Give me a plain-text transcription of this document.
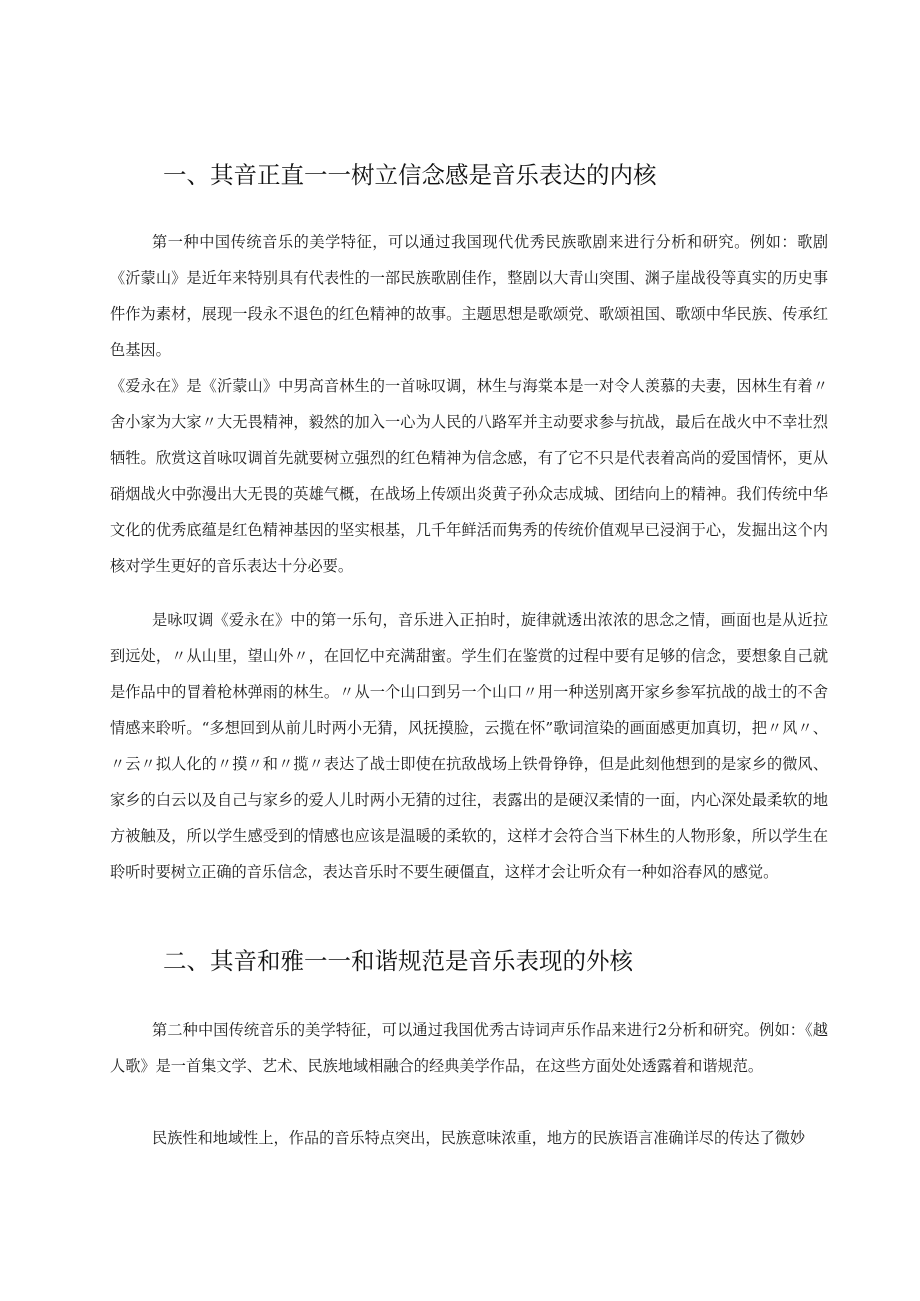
一、其音正直一一树立信念感是音乐表达的内核

第一种中国传统音乐的美学特征，可以通过我国现代优秀民族歌剧来进行分析和研究。例如：歌剧《沂蒙山》是近年来特别具有代表性的一部民族歌剧佳作，整剧以大青山突围、渊子崖战役等真实的历史事件作为素材，展现一段永不退色的红色精神的故事。主题思想是歌颂党、歌颂祖国、歌颂中华民族、传承红色基因。

《爱永在》是《沂蒙山》中男高音林生的一首咏叹调，林生与海棠本是一对令人羡慕的夫妻，因林生有着〃舍小家为大家〃大无畏精神，毅然的加入一心为人民的八路军并主动要求参与抗战，最后在战火中不幸壮烈牺牲。欣赏这首咏叹调首先就要树立强烈的红色精神为信念感，有了它不只是代表着高尚的爱国情怀，更从硝烟战火中弥漫出大无畏的英雄气概，在战场上传颂出炎黄子孙众志成城、团结向上的精神。我们传统中华文化的优秀底蕴是红色精神基因的坚实根基，几千年鲜活而隽秀的传统价值观早已浸润于心，发掘出这个内核对学生更好的音乐表达十分必要。

是咏叹调《爱永在》中的第一乐句，音乐进入正拍时，旋律就透出浓浓的思念之情，画面也是从近拉到远处，〃从山里，望山外〃，在回忆中充满甜蜜。学生们在鉴赏的过程中要有足够的信念，要想象自己就是作品中的冒着枪林弹雨的林生。〃从一个山口到另一个山口〃用一种送别离开家乡参军抗战的战士的不舍情感来聆听。“多想回到从前儿时两小无猜，风抚摸脸，云揽在怀”歌词渲染的画面感更加真切，把〃风〃、〃云〃拟人化的〃摸〃和〃揽〃表达了战士即使在抗敌战场上铁骨铮铮，但是此刻他想到的是家乡的微风、家乡的白云以及自己与家乡的爱人儿时两小无猜的过往，表露出的是硬汉柔情的一面，内心深处最柔软的地方被触及，所以学生感受到的情感也应该是温暖的柔软的，这样才会符合当下林生的人物形象，所以学生在聆听时要树立正确的音乐信念，表达音乐时不要生硬僵直，这样才会让听众有一种如浴春风的感觉。

二、其音和雅一一和谐规范是音乐表现的外核

第二种中国传统音乐的美学特征，可以通过我国优秀古诗词声乐作品来进行2分析和研究。例如：《越人歌》是一首集文学、艺术、民族地域相融合的经典美学作品，在这些方面处处透露着和谐规范。

民族性和地域性上，作品的音乐特点突出，民族意味浓重，地方的民族语言准确详尽的传达了微妙
